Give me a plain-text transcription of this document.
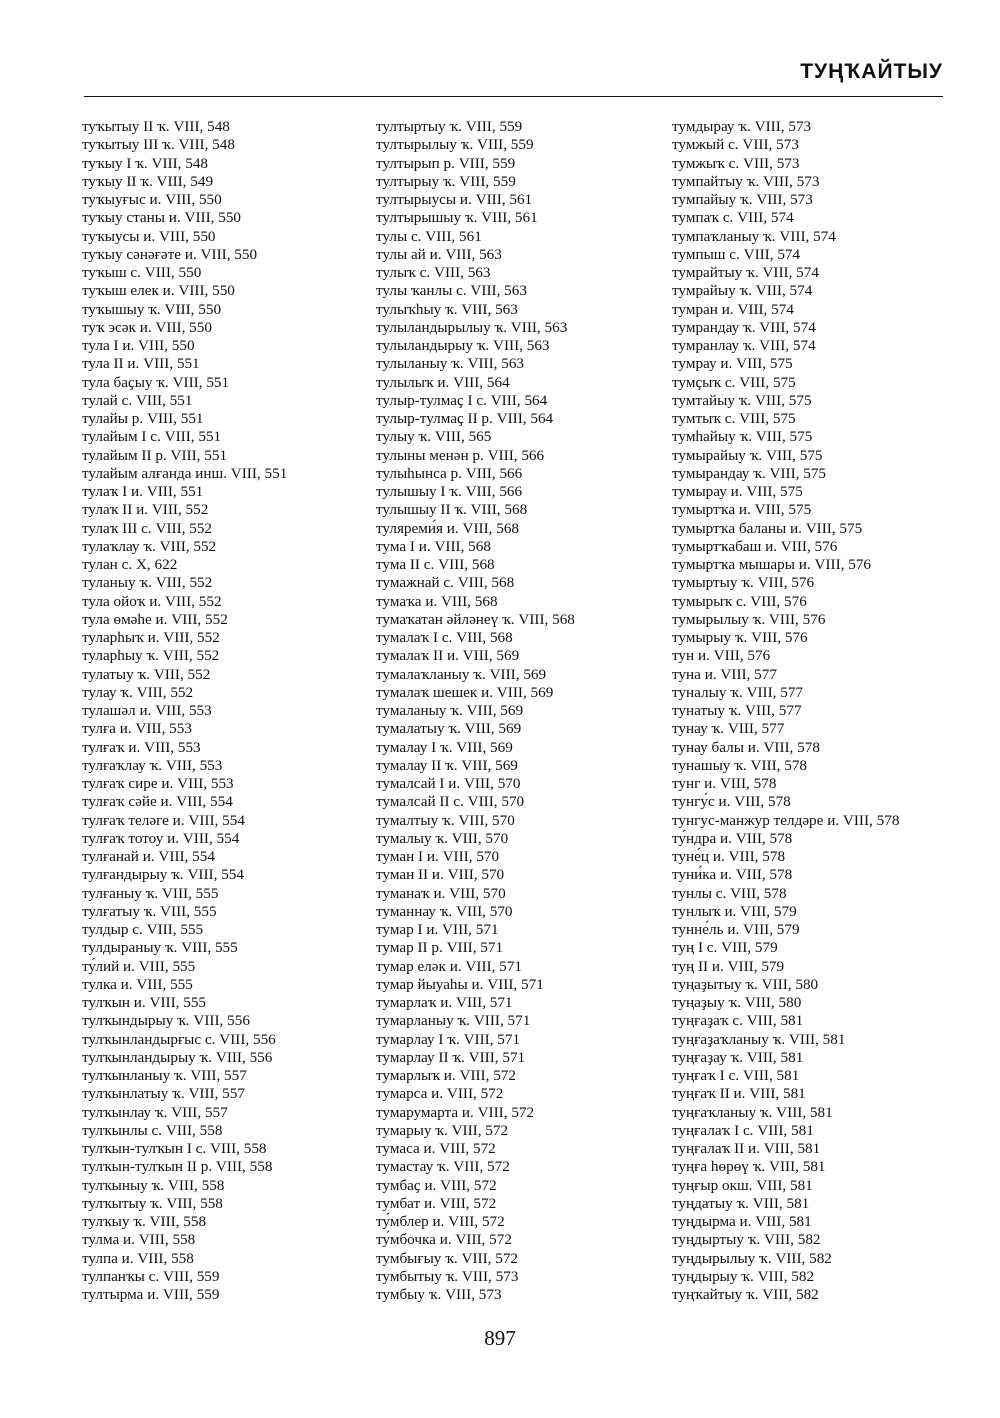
ТУҢҠАЙТЫУ
туҡытыу II ҡ. VIII, 548
туҡытыу III ҡ. VIII, 548
туҡыу I ҡ. VIII, 548
туҡыу II ҡ. VIII, 549
туҡыуғыс и. VIII, 550
туҡыу станы и. VIII, 550
туҡыусы и. VIII, 550
туҡыу сәнәғәте и. VIII, 550
туҡыш с. VIII, 550
туҡыш елек и. VIII, 550
туҡышыу ҡ. VIII, 550
туҡ эсәк и. VIII, 550
тула I и. VIII, 550
тула II и. VIII, 551
тула баҫыу ҡ. VIII, 551
тулай с. VIII, 551
тулайы р. VIII, 551
тулайым I с. VIII, 551
тулайым II р. VIII, 551
тулайым алғанда инш. VIII, 551
тулаҡ I и. VIII, 551
тулаҡ II и. VIII, 552
тулаҡ III с. VIII, 552
тулаҡлау ҡ. VIII, 552
тулан с. X, 622
туланыу ҡ. VIII, 552
тула ойоҡ и. VIII, 552
тула өмәһе и. VIII, 552
туларһыҡ и. VIII, 552
туларһыу ҡ. VIII, 552
тулатыу ҡ. VIII, 552
тулау ҡ. VIII, 552
тулашәл и. VIII, 553
тулға и. VIII, 553
тулғаҡ и. VIII, 553
тулғаҡлау ҡ. VIII, 553
тулғаҡ сире и. VIII, 553
тулғаҡ сәйе и. VIII, 554
тулғаҡ теләге и. VIII, 554
тулғаҡ тотоу и. VIII, 554
тулғанай и. VIII, 554
тулғандырыу ҡ. VIII, 554
тулғаныу ҡ. VIII, 555
тулғатыу ҡ. VIII, 555
тулдыр с. VIII, 555
тулдыраныу ҡ. VIII, 555
ту́лий и. VIII, 555
тулка и. VIII, 555
тулҡын и. VIII, 555
тулҡындырыу ҡ. VIII, 556
тулҡынландырғыс с. VIII, 556
тулҡынландырыу ҡ. VIII, 556
тулҡынланыу ҡ. VIII, 557
тулҡынлатыу ҡ. VIII, 557
тулҡынлау ҡ. VIII, 557
тулҡынлы с. VIII, 558
тулҡын-тулҡын I с. VIII, 558
тулҡын-тулҡын II р. VIII, 558
тулҡыныу ҡ. VIII, 558
тулҡытыу ҡ. VIII, 558
тулҡыу ҡ. VIII, 558
тулма и. VIII, 558
тулпа и. VIII, 558
тулпанҡы с. VIII, 559
тултырма и. VIII, 559
тултыртыу ҡ. VIII, 559
тултырылыу ҡ. VIII, 559
тултырып р. VIII, 559
тултырыу ҡ. VIII, 559
тултырыусы и. VIII, 561
тултырышыу ҡ. VIII, 561
тулы с. VIII, 561
тулы ай и. VIII, 563
тулыҡ с. VIII, 563
тулы ҡанлы с. VIII, 563
тулыҡһыу ҡ. VIII, 563
тулыландырылыу ҡ. VIII, 563
тулыландырыу ҡ. VIII, 563
тулыланыу ҡ. VIII, 563
тулылыҡ и. VIII, 564
тулыр-тулмаҫ I с. VIII, 564
тулыр-тулмаҫ II р. VIII, 564
тулыу ҡ. VIII, 565
тулыны менән р. VIII, 566
тулыһынса р. VIII, 566
тулышыу I ҡ. VIII, 566
тулышыу II ҡ. VIII, 568
туляреми́я и. VIII, 568
тума I и. VIII, 568
тума II с. VIII, 568
тумажнай с. VIII, 568
тумаҡа и. VIII, 568
тумаҡатан әйләнеү ҡ. VIII, 568
тумалаҡ I с. VIII, 568
тумалаҡ II и. VIII, 569
тумалаҡланыу ҡ. VIII, 569
тумалаҡ шешек и. VIII, 569
тумаланыу ҡ. VIII, 569
тумалатыу ҡ. VIII, 569
тумалау I ҡ. VIII, 569
тумалау II ҡ. VIII, 569
тумалсай I и. VIII, 570
тумалсай II с. VIII, 570
тумалтыу ҡ. VIII, 570
тумалыу ҡ. VIII, 570
туман I и. VIII, 570
туман II и. VIII, 570
туманаҡ и. VIII, 570
туманнау ҡ. VIII, 570
тумар I и. VIII, 571
тумар II р. VIII, 571
тумар еләк и. VIII, 571
тумар йыуаһы и. VIII, 571
тумарлаҡ и. VIII, 571
тумарланыу ҡ. VIII, 571
тумарлау I ҡ. VIII, 571
тумарлау II ҡ. VIII, 571
тумарлыҡ и. VIII, 572
тумарса и. VIII, 572
тумарумарта и. VIII, 572
тумарыу ҡ. VIII, 572
тумаса и. VIII, 572
тумастау ҡ. VIII, 572
тумбаҫ и. VIII, 572
тумбат и. VIII, 572
ту́мблер и. VIII, 572
ту́мбочка и. VIII, 572
тумбығыу ҡ. VIII, 572
тумбытыу ҡ. VIII, 573
тумбыу ҡ. VIII, 573
тумдырау ҡ. VIII, 573
тумжый с. VIII, 573
тумжыҡ с. VIII, 573
тумпайтыу ҡ. VIII, 573
тумпайыу ҡ. VIII, 573
тумпаҡ с. VIII, 574
тумпаҡланыу ҡ. VIII, 574
тумпыш с. VIII, 574
тумрайтыу ҡ. VIII, 574
тумрайыу ҡ. VIII, 574
тумран и. VIII, 574
тумрандау ҡ. VIII, 574
тумранлау ҡ. VIII, 574
тумрау и. VIII, 575
тумҫыҡ с. VIII, 575
тумтайыу ҡ. VIII, 575
тумтыҡ с. VIII, 575
тумһайыу ҡ. VIII, 575
тумырайыу ҡ. VIII, 575
тумырандау ҡ. VIII, 575
тумырау и. VIII, 575
тумыртҡа и. VIII, 575
тумыртҡа баланы и. VIII, 575
тумыртҡабаш и. VIII, 576
тумыртҡа мышары и. VIII, 576
тумыртыу ҡ. VIII, 576
тумырыҡ с. VIII, 576
тумырылыу ҡ. VIII, 576
тумырыу ҡ. VIII, 576
тун и. VIII, 576
туна и. VIII, 577
туналыу ҡ. VIII, 577
тунатыу ҡ. VIII, 577
тунау ҡ. VIII, 577
тунау балы и. VIII, 578
тунашыу ҡ. VIII, 578
тунг и. VIII, 578
тунгу́с и. VIII, 578
тунгус-манжур телдәре и. VIII, 578
ту́ндра и. VIII, 578
туне́ц и. VIII, 578
туни́ка и. VIII, 578
тунлы с. VIII, 578
тунлыҡ и. VIII, 579
тунне́ль и. VIII, 579
туң I с. VIII, 579
туң II и. VIII, 579
туңаҙытыу ҡ. VIII, 580
туңаҙыу ҡ. VIII, 580
туңғаҙаҡ с. VIII, 581
туңғаҙаҡланыу ҡ. VIII, 581
туңғаҙау ҡ. VIII, 581
туңғаҡ I с. VIII, 581
туңғаҡ II и. VIII, 581
туңғаҡланыу ҡ. VIII, 581
туңғалаҡ I с. VIII, 581
туңғалаҡ II и. VIII, 581
туңға һөрөү ҡ. VIII, 581
туңғыр окш. VIII, 581
туңдатыу ҡ. VIII, 581
туңдырма и. VIII, 581
туңдыртыу ҡ. VIII, 582
туңдырылыу ҡ. VIII, 582
туңдырыу ҡ. VIII, 582
туңҡайтыу ҡ. VIII, 582
897
